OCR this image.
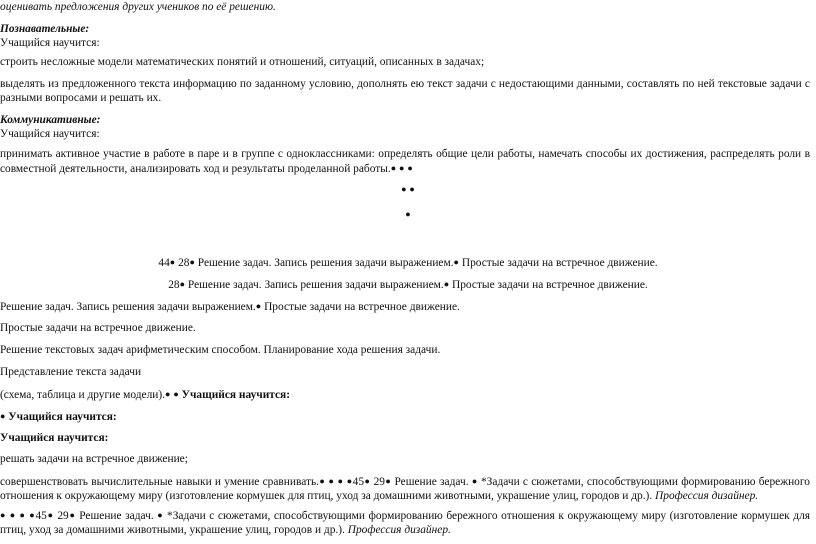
оценивать предложения других учеников по её решению.

Познавательные:

Учащийся научится:

строить несложные модели математических понятий и отношений, ситуаций, описанных в задачах;

выделять из предложенного текста информацию по заданному условию, дополнять ею текст задачи с недостающими данными, составлять по ней текстовые задачи с разными вопросами и решать их.

Коммуникативные:

Учащийся научится:

принимать активное участие в работе в паре и в группе с одноклассниками: определять общие цели работы, намечать способы их достижения, распределять роли в совместной деятельности, анализировать ход и результаты проделанной работы.● ● ●

● ●

●

44● 28● Решение задач. Запись решения задачи выражением.● Простые задачи на встречное движение.

28● Решение задач. Запись решения задачи выражением.● Простые задачи на встречное движение.

Решение задач. Запись решения задачи выражением.● Простые задачи на встречное движение.

Простые задачи на встречное движение.

Решение текстовых задач арифметическим способом. Планирование хода решения задачи.

Представление текста задачи

(схема, таблица и другие модели).● ● Учащийся научится:

● Учащийся научится:

Учащийся научится:

решать задачи на встречное движение;

совершенствовать вычислительные навыки и умение сравнивать.● ● ● ●45● 29● Решение задач. ● *Задачи с сюжетами, способствующими формированию бережного отношения к окружающему миру (изготовление кормушек для птиц, уход за домашними животными, украшение улиц, городов и др.). Профессия дизайнер.

● ● ● ●45● 29● Решение задач. ● *Задачи с сюжетами, способствующими формированию бережного отношения к окружающему миру (изготовление кормушек для птиц, уход за домашними животными, украшение улиц, городов и др.). Профессия дизайнер.
